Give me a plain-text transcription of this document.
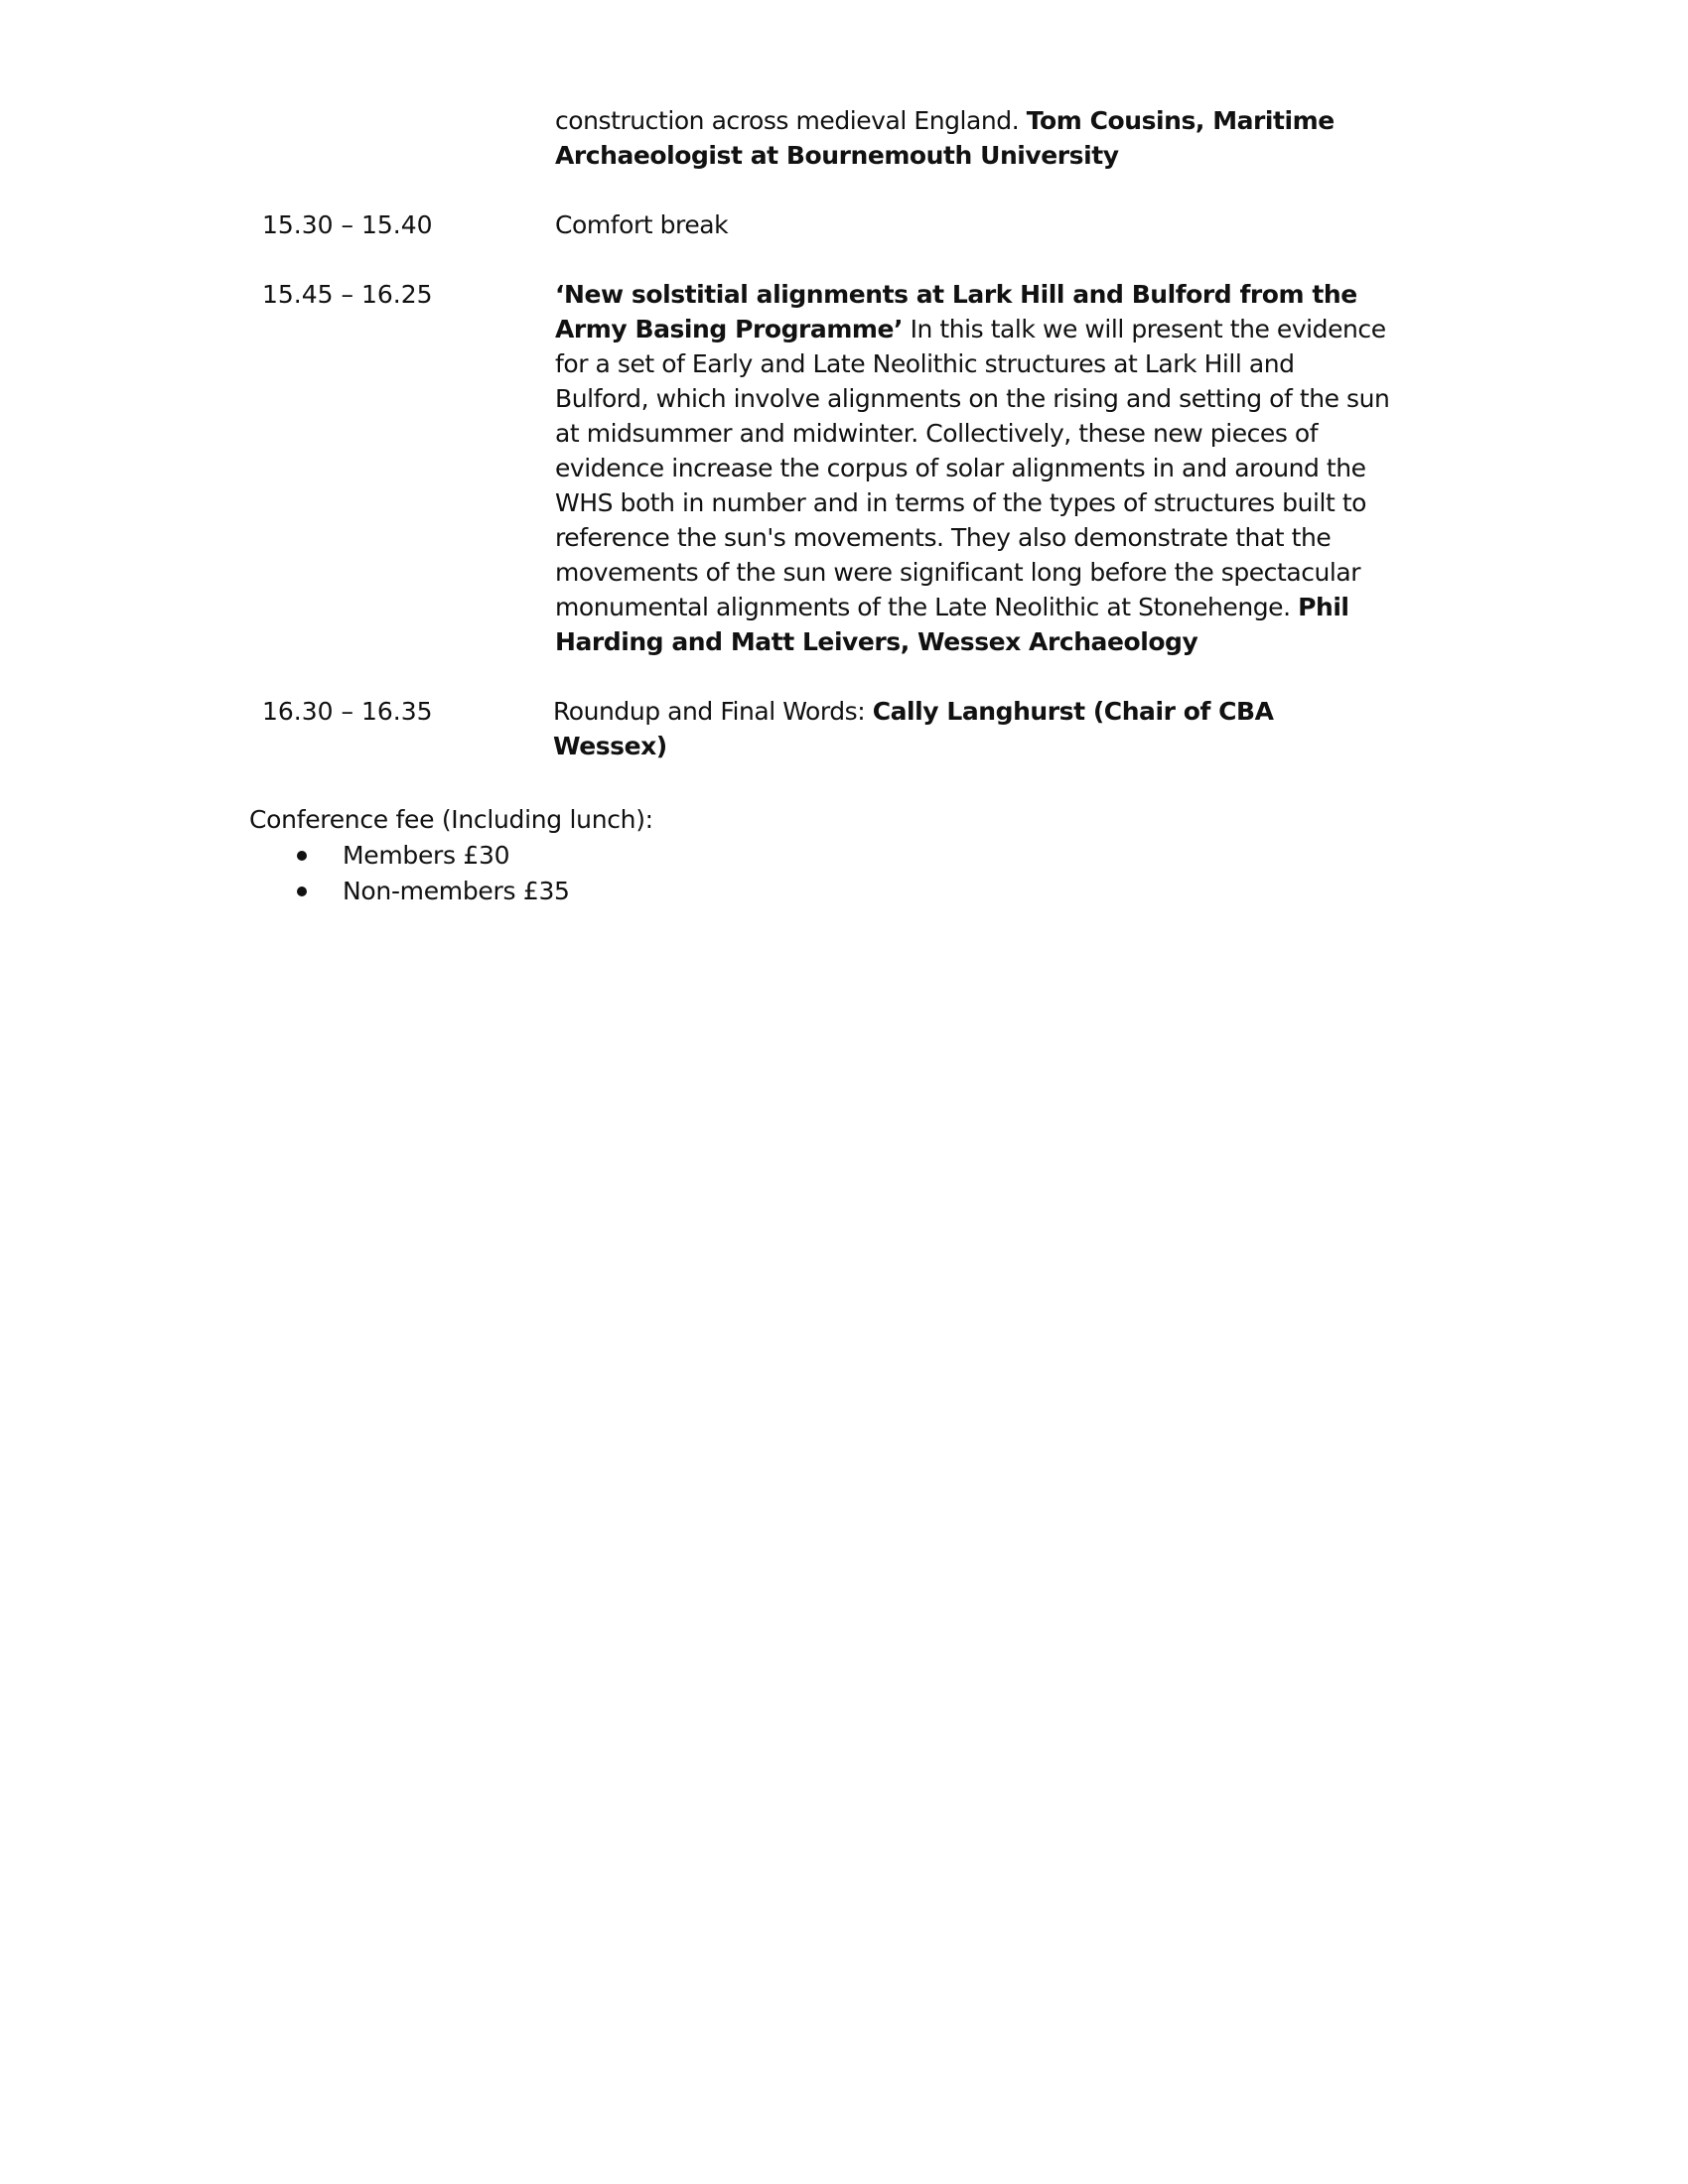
construction across medieval England. Tom Cousins, Maritime Archaeologist at Bournemouth University
15.30 – 15.40	Comfort break
15.45 – 16.25	‘New solstitial alignments at Lark Hill and Bulford from the Army Basing Programme’ In this talk we will present the evidence for a set of Early and Late Neolithic structures at Lark Hill and Bulford, which involve alignments on the rising and setting of the sun at midsummer and midwinter. Collectively, these new pieces of evidence increase the corpus of solar alignments in and around the WHS both in number and in terms of the types of structures built to reference the sun's movements. They also demonstrate that the movements of the sun were significant long before the spectacular monumental alignments of the Late Neolithic at Stonehenge. Phil Harding and Matt Leivers, Wessex Archaeology
16.30 – 16.35	Roundup and Final Words: Cally Langhurst (Chair of CBA Wessex)
Conference fee (Including lunch):
Members £30
Non-members £35
